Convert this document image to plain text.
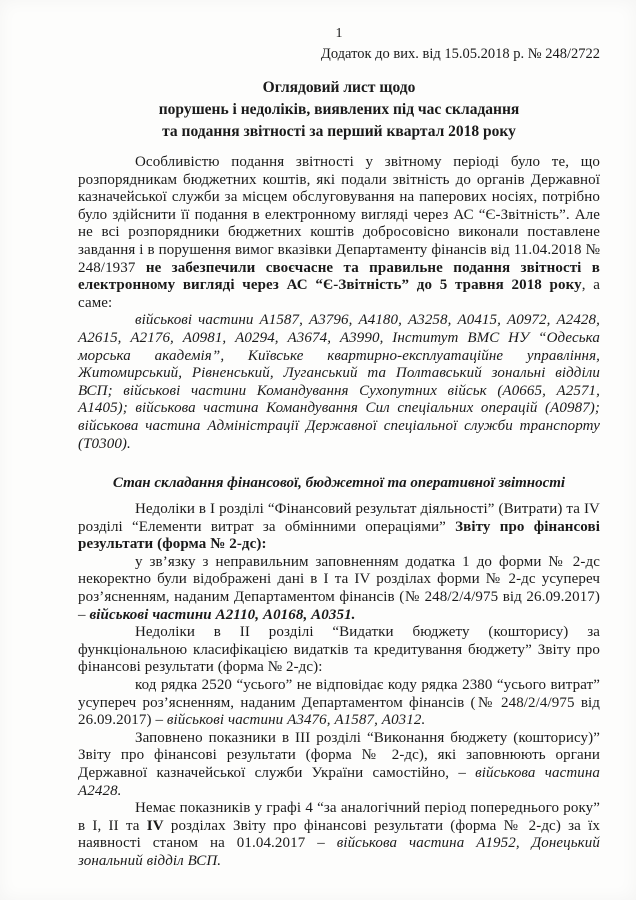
1
Додаток до вих. від 15.05.2018 р. № 248/2722
Оглядовий лист щодо
порушень і недоліків, виявлених під час складання
та подання звітності за перший квартал 2018 року

Особливістю подання звітності у звітному періоді було те, що розпорядникам бюджетних коштів, які подали звітність до органів Державної казначейської служби за місцем обслуговування на паперових носіях, потрібно було здійснити її подання в електронному вигляді через АС “Є-Звітність”. Але не всі розпорядники бюджетних коштів добросовісно виконали поставлене завдання і в порушення вимог вказівки Департаменту фінансів від 11.04.2018 № 248/1937 не забезпечили своєчасне та правильне подання звітності в електронному вигляді через АС “Є-Звітність” до 5 травня 2018 року, а саме:

військові частини А1587, А3796, А4180, А3258, А0415, А0972, А2428, А2615, А2176, А0981, А0294, А3674, А3990, Інститут ВМС НУ “Одеська морська академія”, Київське квартирно-експлуатаційне управління, Житомирський, Рівненський, Луганський та Полтавський зональні відділи ВСП; військові частини Командування Сухопутних військ (А0665, А2571, А1405); військова частина Командування Сил спеціальних операцій (А0987); військова частина Адміністрації Державної спеціальної служби транспорту (Т0300).

Стан складання фінансової, бюджетної та оперативної звітності

Недоліки в І розділі “Фінансовий результат діяльності” (Витрати) та IV розділі “Елементи витрат за обмінними операціями” Звіту про фінансові результати (форма № 2-дс):

у зв’язку з неправильним заповненням додатка 1 до форми № 2-дс некоректно були відображені дані в І та IV розділах форми № 2-дс усупереч роз’ясненням, наданим Департаментом фінансів (№ 248/2/4/975 від 26.09.2017) – військові частини А2110, А0168, А0351.

Недоліки в ІІ розділі “Видатки бюджету (кошторису) за функціональною класифікацією видатків та кредитування бюджету” Звіту про фінансові результати (форма № 2-дс):

код рядка 2520 “усього” не відповідає коду рядка 2380 “усього витрат” усупереч роз’ясненням, наданим Департаментом фінансів (№ 248/2/4/975 від 26.09.2017) – військові частини А3476, А1587, А0312.

Заповнено показники в ІІІ розділі “Виконання бюджету (кошторису)” Звіту про фінансові результати (форма № 2-дс), які заповнюють органи Державної казначейської служби України самостійно, – військова частина А2428.

Немає показників у графі 4 “за аналогічний період попереднього року” в І, ІІ та IV розділах Звіту про фінансові результати (форма № 2-дс) за їх наявності станом на 01.04.2017 – військова частина А1952, Донецький зональний відділ ВСП.
